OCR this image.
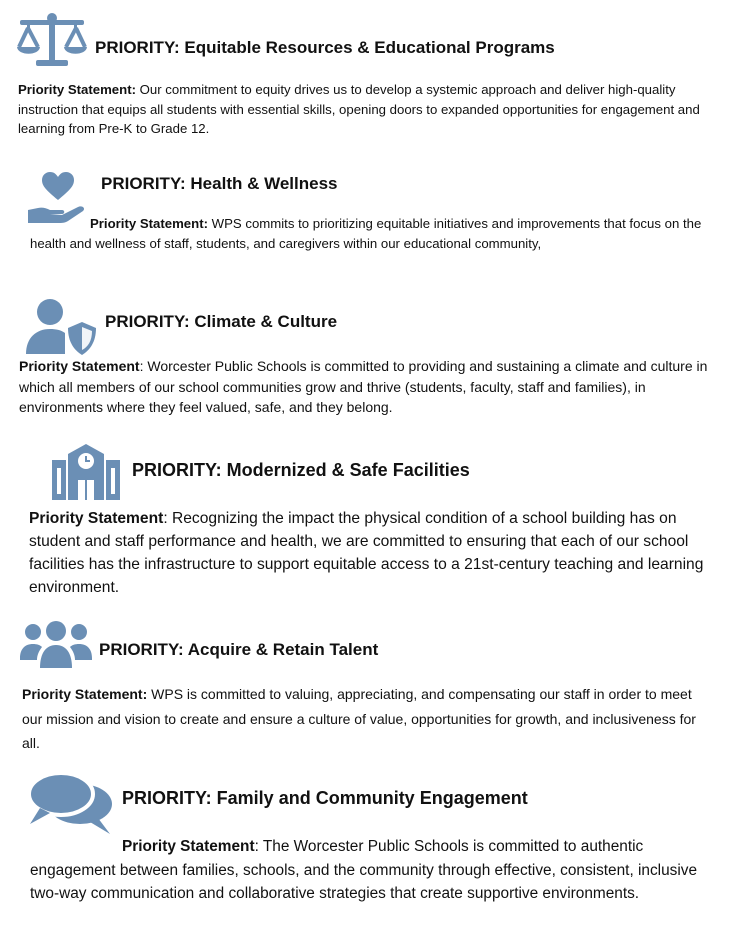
PRIORITY: Equitable Resources & Educational Programs

Priority Statement: Our commitment to equity drives us to develop a systemic approach and deliver high-quality instruction that equips all students with essential skills, opening doors to expanded opportunities for engagement and learning from Pre-K to Grade 12.

PRIORITY: Health & Wellness

Priority Statement: WPS commits to prioritizing equitable initiatives and improvements that focus on the health and wellness of staff, students, and caregivers within our educational community,

PRIORITY: Climate & Culture

Priority Statement: Worcester Public Schools is committed to providing and sustaining a climate and culture in which all members of our school communities grow and thrive (students, faculty, staff and families), in environments where they feel valued, safe, and they belong.

PRIORITY: Modernized & Safe Facilities

Priority Statement: Recognizing the impact the physical condition of a school building has on student and staff performance and health, we are committed to ensuring that each of our school facilities has the infrastructure to support equitable access to a 21st-century teaching and learning environment.

PRIORITY: Acquire & Retain Talent

Priority Statement: WPS is committed to valuing, appreciating, and compensating our staff in order to meet our mission and vision to create and ensure a culture of value, opportunities for growth, and inclusiveness for all.

PRIORITY: Family and Community Engagement

Priority Statement: The Worcester Public Schools is committed to authentic engagement between families, schools, and the community through effective, consistent, inclusive two-way communication and collaborative strategies that create supportive environments.
